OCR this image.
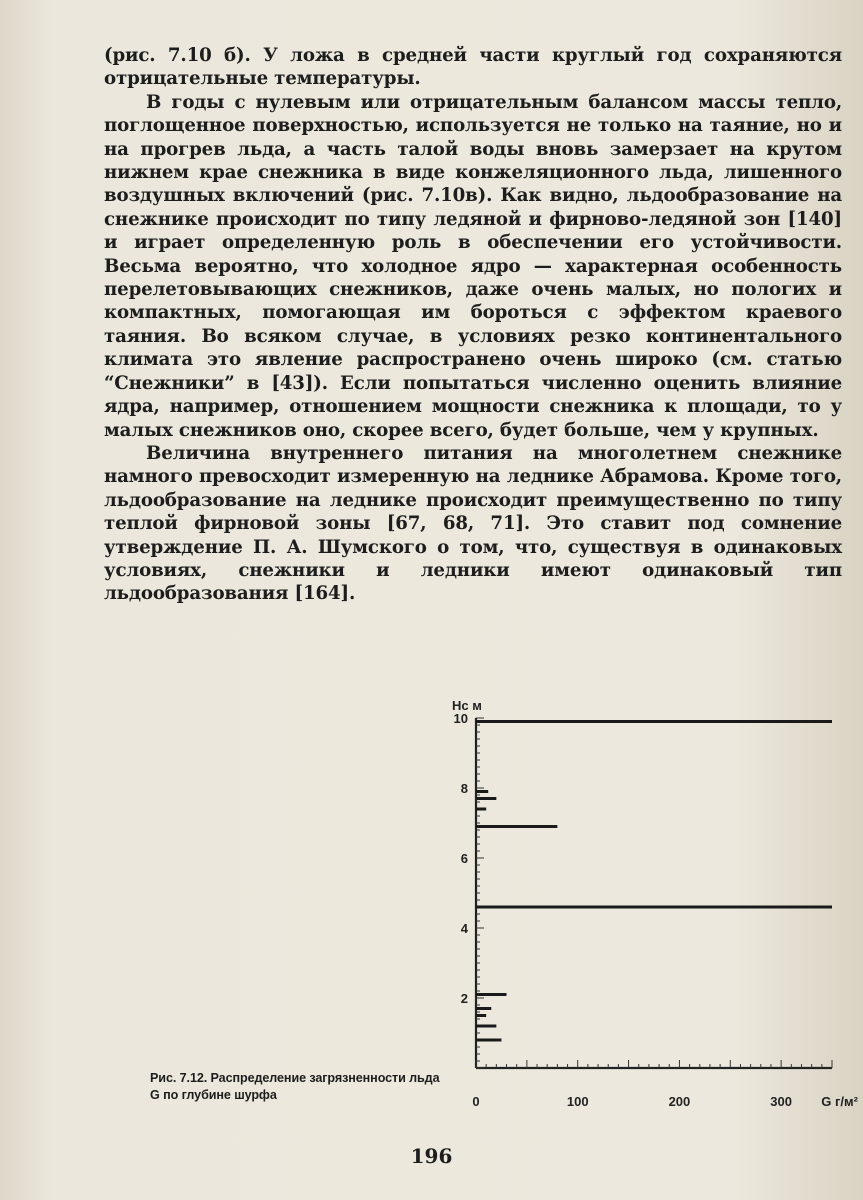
(рис. 7.10 б). У ложа в средней части круглый год сохраняются отрицательные температуры.

В годы с нулевым или отрицательным балансом массы тепло, поглощенное поверхностью, используется не только на таяние, но и на прогрев льда, а часть талой воды вновь замерзает на крутом нижнем крае снежника в виде конжеляционного льда, лишенного воздушных включений (рис. 7.10в). Как видно, льдообразование на снежнике происходит по типу ледяной и фирново-ледяной зон [140] и играет определенную роль в обеспечении его устойчивости. Весьма вероятно, что холодное ядро — характерная особенность перелетовывающих снежников, даже очень малых, но пологих и компактных, помогающая им бороться с эффектом краевого таяния. Во всяком случае, в условиях резко континентального климата это явление распространено очень широко (см. статью “Снежники” в [43]). Если попытаться численно оценить влияние ядра, например, отношением мощности снежника к площади, то у малых снежников оно, скорее всего, будет больше, чем у крупных.

Величина внутреннего питания на многолетнем снежнике намного превосходит измеренную на леднике Абрамова. Кроме того, льдообразование на леднике происходит преимущественно по типу теплой фирновой зоны [67, 68, 71]. Это ставит под сомнение утверждение П. А. Шумского о том, что, существуя в одинаковых условиях, снежники и ледники имеют одинаковый тип льдообразования [164].

2
4
6
8
10
0	100	200	300
Hс м
G г/м²
Рис. 7.12. Распределение загрязненности льда G по глубине шурфа
196
